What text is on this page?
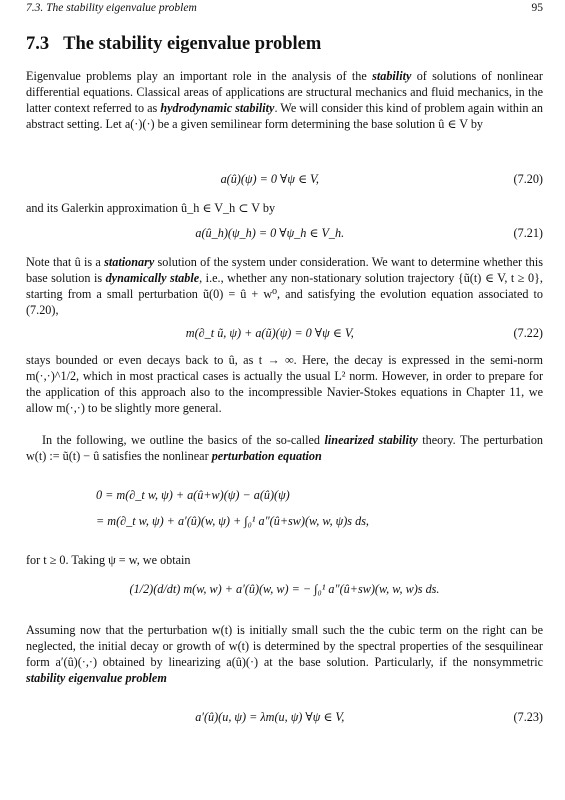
7.3. The stability eigenvalue problem	95
7.3 The stability eigenvalue problem

Eigenvalue problems play an important role in the analysis of the stability of solutions of nonlinear differential equations. Classical areas of applications are structural mechanics and fluid mechanics, in the latter context referred to as hydrodynamic stability. We will consider this kind of problem again within an abstract setting. Let a(·)(·) be a given semilinear form determining the base solution û ∈ V by

a(û)(ψ) = 0 ∀ψ ∈ V,	(7.20)

and its Galerkin approximation û_h ∈ V_h ⊂ V by

a(û_h)(ψ_h) = 0 ∀ψ_h ∈ V_h.	(7.21)

Note that û is a stationary solution of the system under consideration. We want to determine whether this base solution is dynamically stable, i.e., whether any non-stationary solution trajectory {ũ(t) ∈ V, t ≥ 0}, starting from a small perturbation ũ(0) = û + w⁰, and satisfying the evolution equation associated to (7.20),

m(∂_t ũ, ψ) + a(ũ)(ψ) = 0 ∀ψ ∈ V,	(7.22)

stays bounded or even decays back to û, as t → ∞. Here, the decay is expressed in the semi-norm m(·,·)^1/2, which in most practical cases is actually the usual L² norm. However, in order to prepare for the application of this approach also to the incompressible Navier-Stokes equations in Chapter 11, we allow m(·,·) to be slightly more general.

In the following, we outline the basics of the so-called linearized stability theory. The perturbation w(t) := ũ(t) − û satisfies the nonlinear perturbation equation

0 = m(∂_t w, ψ) + a(û+w)(ψ) − a(û)(ψ)
= m(∂_t w, ψ) + a′(û)(w, ψ) + ∫₀¹ a″(û+sw)(w, w, ψ)s ds,

for t ≥ 0. Taking ψ = w, we obtain

(1/2)(d/dt) m(w, w) + a′(û)(w, w) = − ∫₀¹ a″(û+sw)(w, w, w)s ds.

Assuming now that the perturbation w(t) is initially small such the the cubic term on the right can be neglected, the initial decay or growth of w(t) is determined by the spectral properties of the sesquilinear form a′(û)(·,·) obtained by linearizing a(û)(·) at the base solution. Particularly, if the nonsymmetric stability eigenvalue problem

a′(û)(u, ψ) = λm(u, ψ) ∀ψ ∈ V,	(7.23)
